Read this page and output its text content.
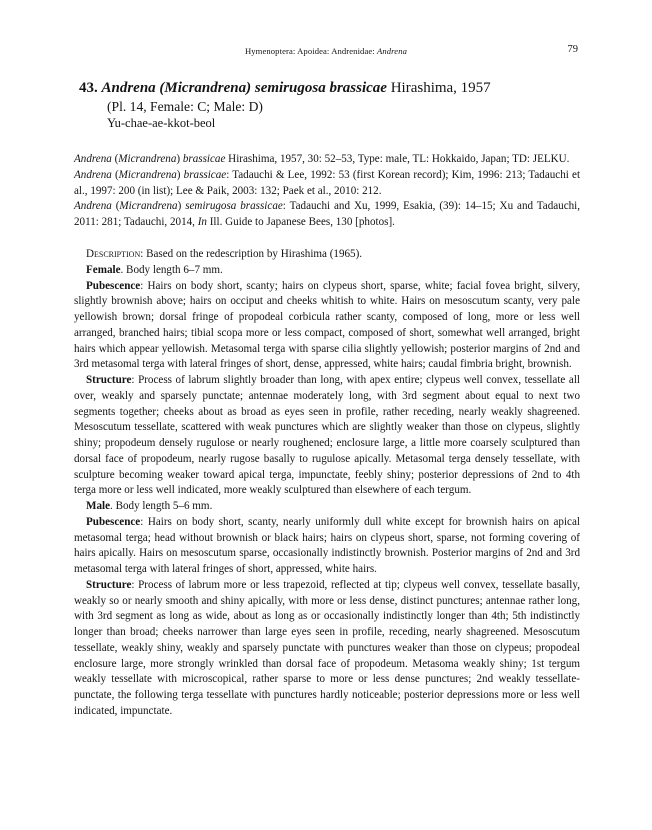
Hymenoptera: Apoidea: Andrenidae: Andrena	79
43. Andrena (Micrandrena) semirugosa brassicae Hirashima, 1957
(Pl. 14, Female: C; Male: D)
Yu-chae-ae-kkot-beol

Andrena (Micrandrena) brassicae Hirashima, 1957, 30: 52–53, Type: male, TL: Hokkaido, Japan; TD: JELKU.

Andrena (Micrandrena) brassicae: Tadauchi & Lee, 1992: 53 (first Korean record); Kim, 1996: 213; Tadauchi et al., 1997: 200 (in list); Lee & Paik, 2003: 132; Paek et al., 2010: 212.

Andrena (Micrandrena) semirugosa brassicae: Tadauchi and Xu, 1999, Esakia, (39): 14–15; Xu and Tadauchi, 2011: 281; Tadauchi, 2014, In Ill. Guide to Japanese Bees, 130 [photos].

Description: Based on the redescription by Hirashima (1965).

Female. Body length 6–7 mm.

Pubescence: Hairs on body short, scanty; hairs on clypeus short, sparse, white; facial fovea bright, silvery, slightly brownish above; hairs on occiput and cheeks whitish to white. Hairs on mesoscutum scanty, very pale yellowish brown; dorsal fringe of propodeal corbicula rather scanty, composed of long, more or less well arranged, branched hairs; tibial scopa more or less compact, composed of short, somewhat well arranged, bright hairs which appear yellowish. Metasomal terga with sparse cilia slightly yellowish; posterior margins of 2nd and 3rd metasomal terga with lateral fringes of short, dense, appressed, white hairs; caudal fimbria bright, brownish.

Structure: Process of labrum slightly broader than long, with apex entire; clypeus well convex, tessellate all over, weakly and sparsely punctate; antennae moderately long, with 3rd segment about equal to next two segments together; cheeks about as broad as eyes seen in profile, rather receding, nearly weakly shagreened. Mesoscutum tessellate, scattered with weak punctures which are slightly weaker than those on clypeus, slightly shiny; propodeum densely rugulose or nearly roughened; enclosure large, a little more coarsely sculptured than dorsal face of propodeum, nearly rugose basally to rugulose apically. Metasomal terga densely tessellate, with sculpture becoming weaker toward apical terga, impunctate, feebly shiny; posterior depressions of 2nd to 4th terga more or less well indicated, more weakly sculptured than elsewhere of each tergum.

Male. Body length 5–6 mm.

Pubescence: Hairs on body short, scanty, nearly uniformly dull white except for brownish hairs on apical metasomal terga; head without brownish or black hairs; hairs on clypeus short, sparse, not forming covering of hairs apically. Hairs on mesoscutum sparse, occasionally indistinctly brownish. Posterior margins of 2nd and 3rd metasomal terga with lateral fringes of short, appressed, white hairs.

Structure: Process of labrum more or less trapezoid, reflected at tip; clypeus well convex, tessellate basally, weakly so or nearly smooth and shiny apically, with more or less dense, distinct punctures; antennae rather long, with 3rd segment as long as wide, about as long as or occasionally indistinctly longer than 4th; 5th indistinctly longer than broad; cheeks narrower than large eyes seen in profile, receding, nearly shagreened. Mesoscutum tessellate, weakly shiny, weakly and sparsely punctate with punctures weaker than those on clypeus; propodeal enclosure large, more strongly wrinkled than dorsal face of propodeum. Metasoma weakly shiny; 1st tergum weakly tessellate with microscopical, rather sparse to more or less dense punctures; 2nd weakly tessellate-punctate, the following terga tessellate with punctures hardly noticeable; posterior depressions more or less well indicated, impunctate.
